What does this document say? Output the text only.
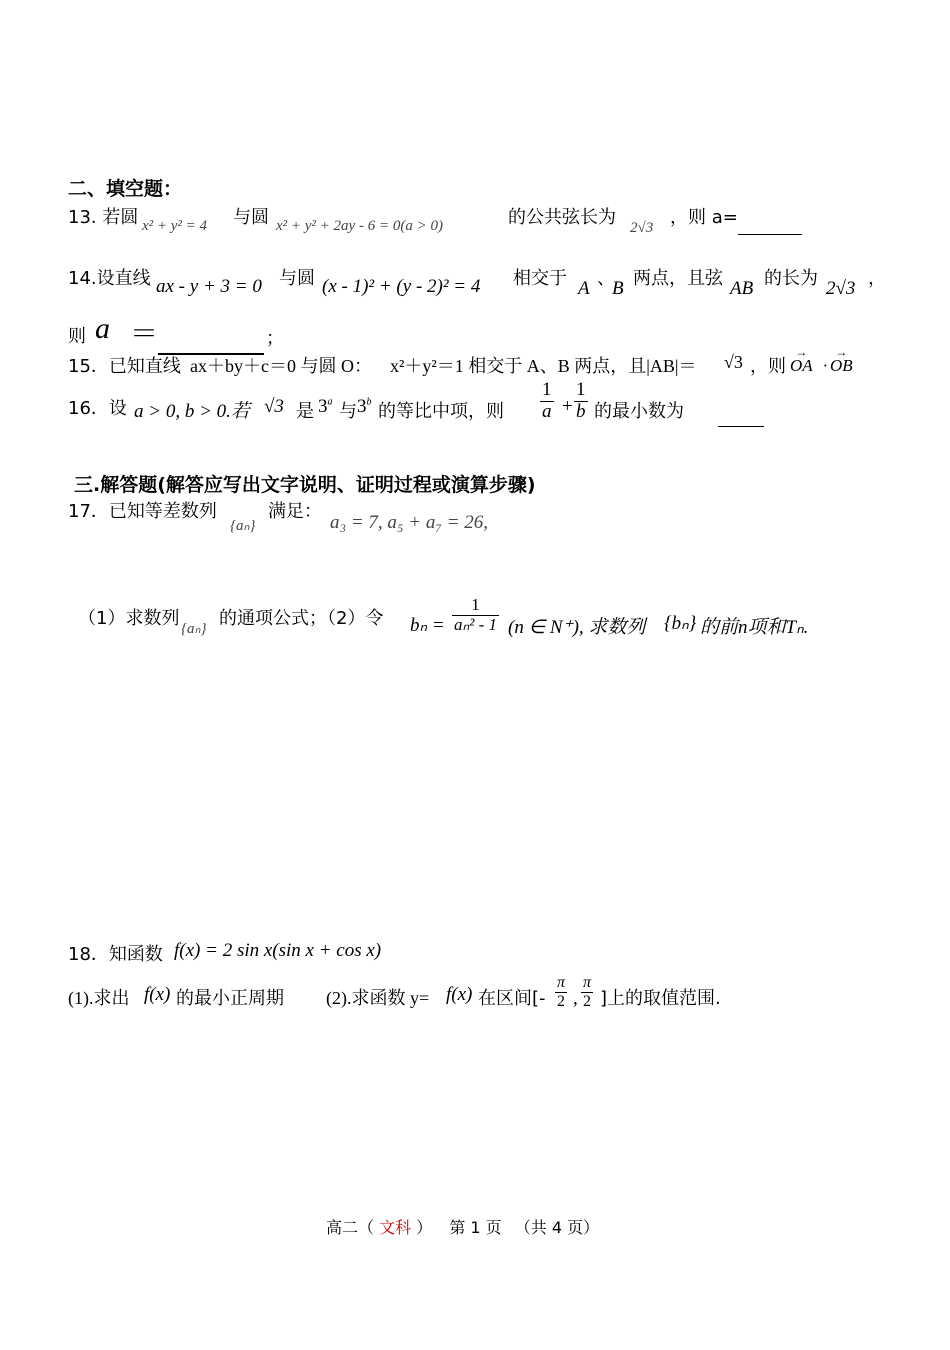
二、填空题：
13. 若圆 x² + y² = 4 与圆 x² + y² + 2ay - 6 = 0(a > 0)	的公共弦长为 2√3 ，则 a=
14.设直线 ax - y + 3 = 0 与圆 (x - 1)² + (y - 2)² = 4 相交于 A 、
B 两点，且弦 AB 的长为 2√3 ，
则 a ＝	；
15．已知直线 ax＋by＋c＝0 与圆 O： x²＋y²＝1 相交于 A、B 两点，且|AB|＝ √3 ，则 → OA · → OB
16．设 a > 0, b > 0.若 √3 是 3$^a$ 与 3$^b$ 的等比中项，则 $\frac{1}{a} + \frac{1}{b}$ 的最小数为
三.解答题(解答应写出文字说明、证明过程或演算步骤)
17．已知等差数列
{aₙ}
满足：
a₃ = 7, a₅ + a₇ = 26,
（1）求数列 {aₙ} 的通项公式；（2）令 $b_n = \frac{1}{\text{aₙ² - 1}} (n$ ∈ N⁺), 求数列 {bₙ} 的前n项和Tₙ.
18．知函数 f(x) = 2 sin x(sin x + cos x)
(1).求出 f(x) 的最小正周期 (2).求函数 y= f(x) 在区间[- $\frac{\pi}{2}$ , $\frac{\pi}{2}$ ]上的取值范围.
高二（ 文科 ） 第 1 页 （共 4 页）
